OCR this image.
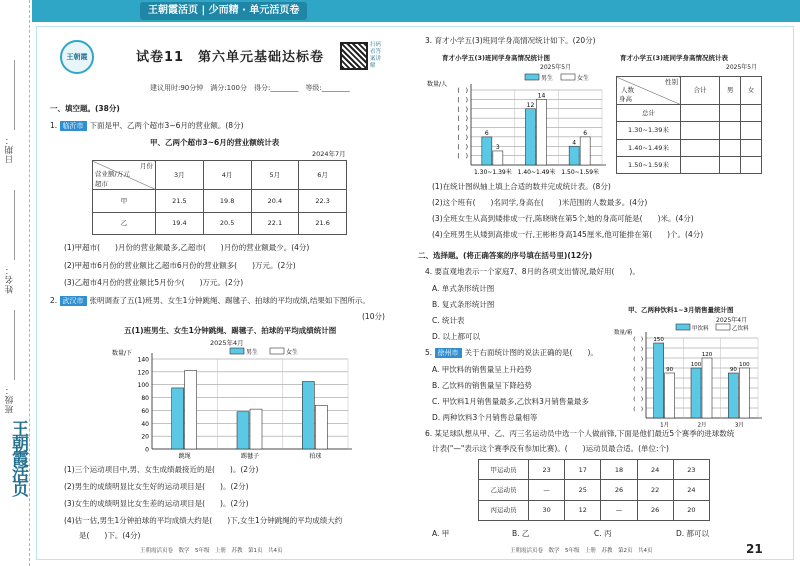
日期：
姓名：
班级：
王朝霞活页
王朝霞活页 | 少而精 · 单元活页卷
王朝霞	试卷11　第六单元基础达标卷
扫码看答案讲解
建议用时:90分钟　满分:100分　得分:________　等级:________
一、填空题。(38分)
1. 临沂市 下面是甲、乙两个超市3~6月的营业额。(8分)
甲、乙两个超市3~6月的营业额统计表
2024年7月
月份
营业额/万元
超市	3月	4月	5月	6月
甲	21.5	19.8	20.4	22.3
乙	19.4	20.5	22.1	21.6
(1)甲超市(　　)月份的营业额最多,乙超市(　　)月份的营业额最少。(4分)
(2)甲超市6月份的营业额比乙超市6月份的营业额多(　　)万元。(2分)
(3)乙超市4月份的营业额比5月份少(　　)万元。(2分)
2. 武汉市 张明调查了五(1)班男、女生1分钟跳绳、踢毽子、拍球的平均成绩,结果如下图所示。
(10分)
五(1)班男生、女生1分钟跳绳、踢毽子、拍球的平均成绩统计图
2025年4月
数量/下
0
20
40
60
80
100
120
140
跳绳	踢毽子	拍球
男生	女生
(1)三个运动项目中,男、女生成绩最接近的是(　　)。(2分)
(2)男生的成绩明显比女生好的运动项目是(　　)。(2分)
(3)女生的成绩明显比女生差的运动项目是(　　)。(2分)
(4)估一估,男生1分钟拍球的平均成绩大约是(　　)下,女生1分钟跳绳的平均成绩大约
　　是(　　)下。(4分)
王朝霞活页卷　数学　5年级　上册　苏教　第1页　共4页
3. 育才小学五(3)班同学身高情况统计如下。(20分)
育才小学五(3)班同学身高情况统计图
2025年5月
数量/人
(　)
(　)
(　)
(　)
(　)
(　)
(　)
(　)
6
3
1.30~1.39米
12
14
1.40~1.49米
4
6
1.50~1.59米
男生	女生
育才小学五(3)班同学身高情况统计表
2025年5月
性别
人数
身高	合计	男	女
总计			
1.30~1.39米			
1.40~1.49米			
1.50~1.59米			
(1)在统计图纵轴上填上合适的数并完成统计表。(8分)
(2)这个班有(　　)名同学,身高在(　　)米范围的人数最多。(4分)
(3)全班女生从高到矮排成一行,陈晓晓在第5个,她的身高可能是(　　)米。(4分)
(4)全班男生从矮到高排成一行,王彬彬身高145厘米,他可能排在第(　　)个。(4分)
二、选择题。(将正确答案的序号填在括号里)(12分)
4. 要直观地表示一个家庭7、8月的各项支出情况,最好用(　　)。
A. 单式条形统计图
B. 复式条形统计图
C. 统计表
D. 以上都可以
5. 徐州市 关于右面统计图的说法正确的是(　　)。
A. 甲饮料的销售量呈上升趋势
B. 乙饮料的销售量呈下降趋势
C. 甲饮料1月销售量最多,乙饮料3月销售量最多
D. 两种饮料3个月销售总量相等
甲、乙两种饮料1~3月销售量统计图
2025年4月
数量/箱
(　)
(　)
(　)
(　)
(　)
(　)
(　)
(　) 150
90
1月
100
120
2月
90
100
3月
甲饮料	乙饮料
6. 某足球队想从甲、乙、丙三名运动员中选一个人做前锋,下面是他们最近5个赛季的进球数统
计表("—"表示这个赛季没有参加比赛)。(　　)运动员最合适。(单位:个)
甲运动员	23	17	18	24	23
乙运动员	—	25	26	22	24
丙运动员	30	12	—	26	20
A. 甲	B. 乙	C. 丙	D. 都可以
王朝霞活页卷　数学　5年级　上册　苏教　第2页　共4页	21
